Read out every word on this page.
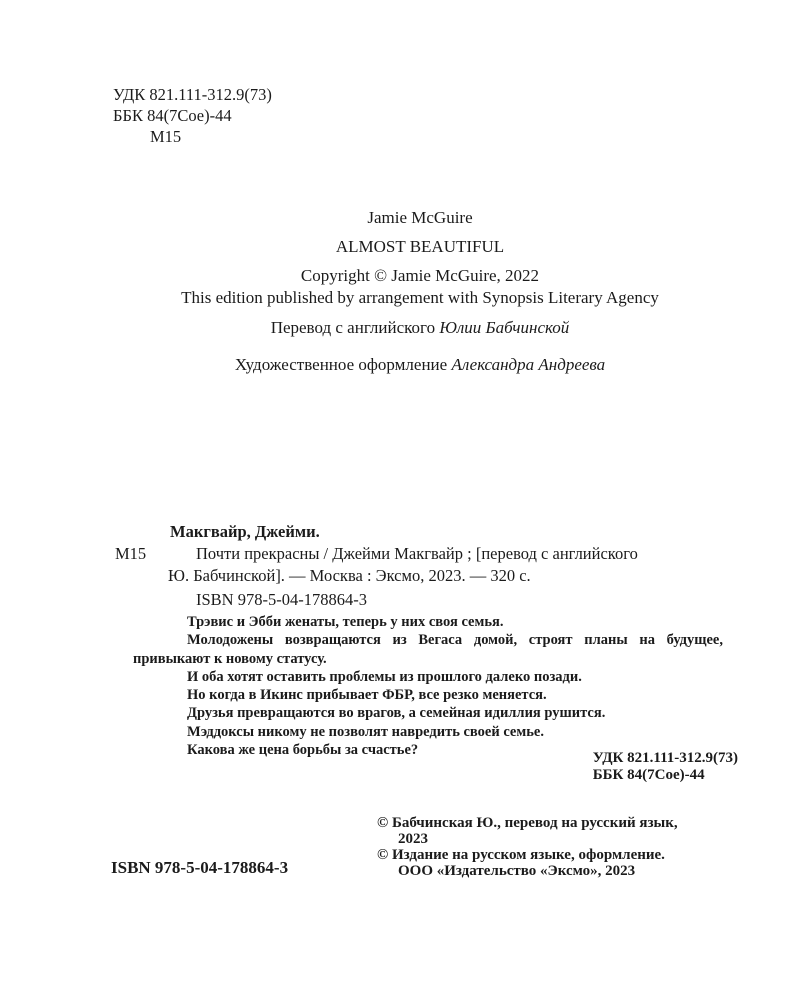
УДК 821.111-312.9(73)
ББК 84(7Сое)-44
М15
Jamie McGuire
ALMOST BEAUTIFUL
Copyright © Jamie McGuire, 2022
This edition published by arrangement with Synopsis Literary Agency
Перевод с английского Юлии Бабчинской
Художественное оформление Александра Андреева
Макгвайр, Джейми.
М15	Почти прекрасны / Джейми Макгвайр ; [перевод с английского
Ю. Бабчинской]. — Москва : Эксмо, 2023. — 320 с.
ISBN 978-5-04-178864-3

Трэвис и Эбби женаты, теперь у них своя семья.

Молодожены возвращаются из Вегаса домой, строят планы на будущее, привыкают к новому статусу.

И оба хотят оставить проблемы из прошлого далеко позади.

Но когда в Икинс прибывает ФБР, все резко меняется.

Друзья превращаются во врагов, а семейная идиллия рушится.

Мэддоксы никому не позволят навредить своей семье.

Какова же цена борьбы за счастье?	УДК 821.111-312.9(73)
ББК 84(7Сое)-44
© Бабчинская Ю., перевод на русский язык,
2023
© Издание на русском языке, оформление.
ООО «Издательство «Эксмо», 2023
ISBN 978-5-04-178864-3
